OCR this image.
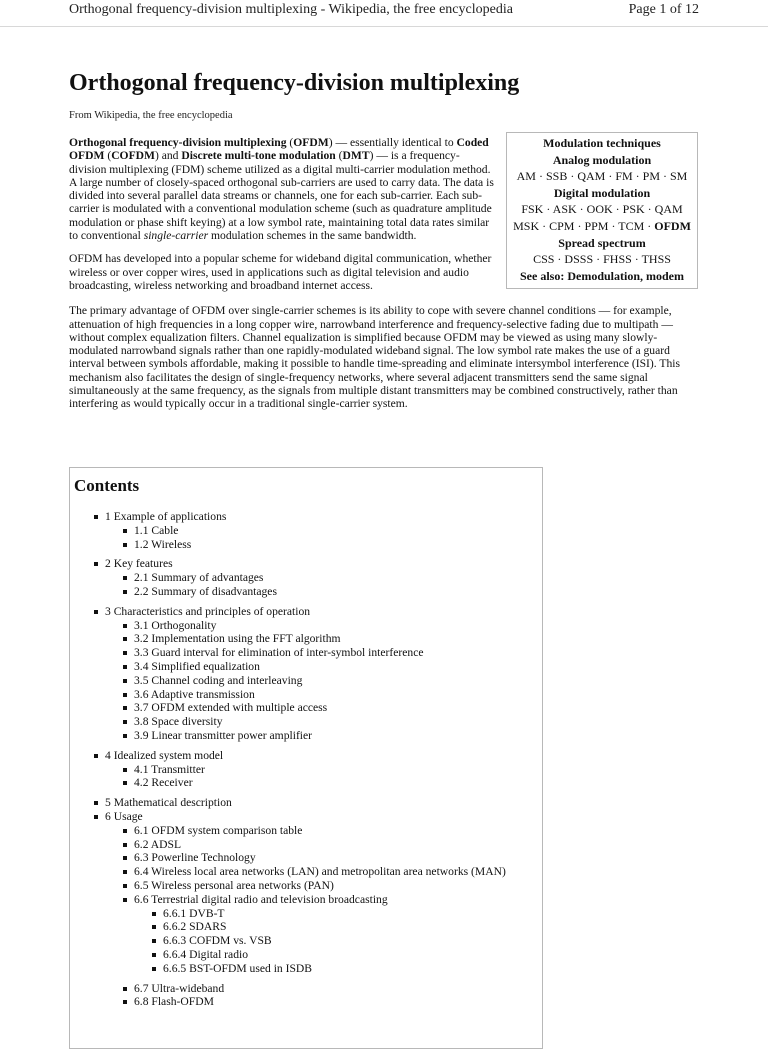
Orthogonal frequency-division multiplexing - Wikipedia, the free encyclopedia	Page 1 of 12
Orthogonal frequency-division multiplexing
From Wikipedia, the free encyclopedia
Modulation techniques
Analog modulation
AM · SSB · QAM · FM · PM · SM
Digital modulation
FSK · ASK · OOK · PSK · QAM
MSK · CPM · PPM · TCM · OFDM
Spread spectrum
CSS · DSSS · FHSS · THSS
See also: Demodulation, modem

Orthogonal frequency-division multiplexing (OFDM) — essentially identical to Coded OFDM (COFDM) and Discrete multi-tone modulation (DMT) — is a frequency-division multiplexing (FDM) scheme utilized as a digital multi-carrier modulation method. A large number of closely-spaced orthogonal sub-carriers are used to carry data. The data is divided into several parallel data streams or channels, one for each sub-carrier. Each sub-carrier is modulated with a conventional modulation scheme (such as quadrature amplitude modulation or phase shift keying) at a low symbol rate, maintaining total data rates similar to conventional single-carrier modulation schemes in the same bandwidth.

OFDM has developed into a popular scheme for wideband digital communication, whether wireless or over copper wires, used in applications such as digital television and audio broadcasting, wireless networking and broadband internet access.

The primary advantage of OFDM over single-carrier schemes is its ability to cope with severe channel conditions — for example, attenuation of high frequencies in a long copper wire, narrowband interference and frequency-selective fading due to multipath — without complex equalization filters. Channel equalization is simplified because OFDM may be viewed as using many slowly-modulated narrowband signals rather than one rapidly-modulated wideband signal. The low symbol rate makes the use of a guard interval between symbols affordable, making it possible to handle time-spreading and eliminate intersymbol interference (ISI). This mechanism also facilitates the design of single-frequency networks, where several adjacent transmitters send the same signal simultaneously at the same frequency, as the signals from multiple distant transmitters may be combined constructively, rather than interfering as would typically occur in a traditional single-carrier system.

Contents
1 Example of applications
1.1 Cable
1.2 Wireless
2 Key features
2.1 Summary of advantages
2.2 Summary of disadvantages
3 Characteristics and principles of operation
3.1 Orthogonality
3.2 Implementation using the FFT algorithm
3.3 Guard interval for elimination of inter-symbol interference
3.4 Simplified equalization
3.5 Channel coding and interleaving
3.6 Adaptive transmission
3.7 OFDM extended with multiple access
3.8 Space diversity
3.9 Linear transmitter power amplifier
4 Idealized system model
4.1 Transmitter
4.2 Receiver
5 Mathematical description
6 Usage
6.1 OFDM system comparison table
6.2 ADSL
6.3 Powerline Technology
6.4 Wireless local area networks (LAN) and metropolitan area networks (MAN)
6.5 Wireless personal area networks (PAN)
6.6 Terrestrial digital radio and television broadcasting
6.6.1 DVB-T
6.6.2 SDARS
6.6.3 COFDM vs. VSB
6.6.4 Digital radio
6.6.5 BST-OFDM used in ISDB
6.7 Ultra-wideband
6.8 Flash-OFDM
